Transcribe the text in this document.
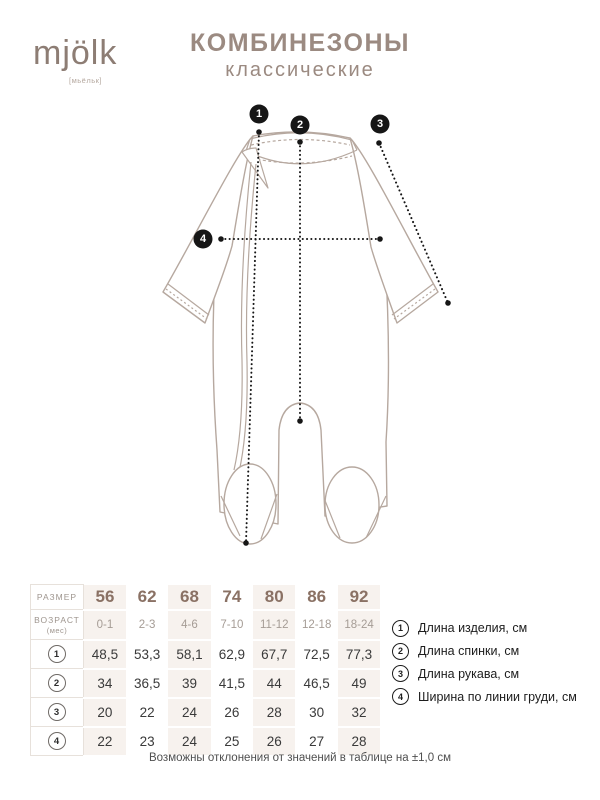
mjölk
[мьёльк]
КОМБИНЕЗОНЫ
классические
1
2	3
4
РАЗМЕР	56	62	68	74	80	86	92
ВОЗРАСТ
(мес)	0-1	2-3	4-6	7-10	11-12	12-18	18-24
1	48,5	53,3	58,1	62,9	67,7	72,5	77,3
2	34	36,5	39	41,5	44	46,5	49
3	20	22	24	26	28	30	32
4	22	23	24	25	26	27	28
1	Длина изделия, см
2	Длина спинки, см
3	Длина рукава, см
4	Ширина по линии груди, см
Возможны отклонения от значений в таблице на ±1,0 см
